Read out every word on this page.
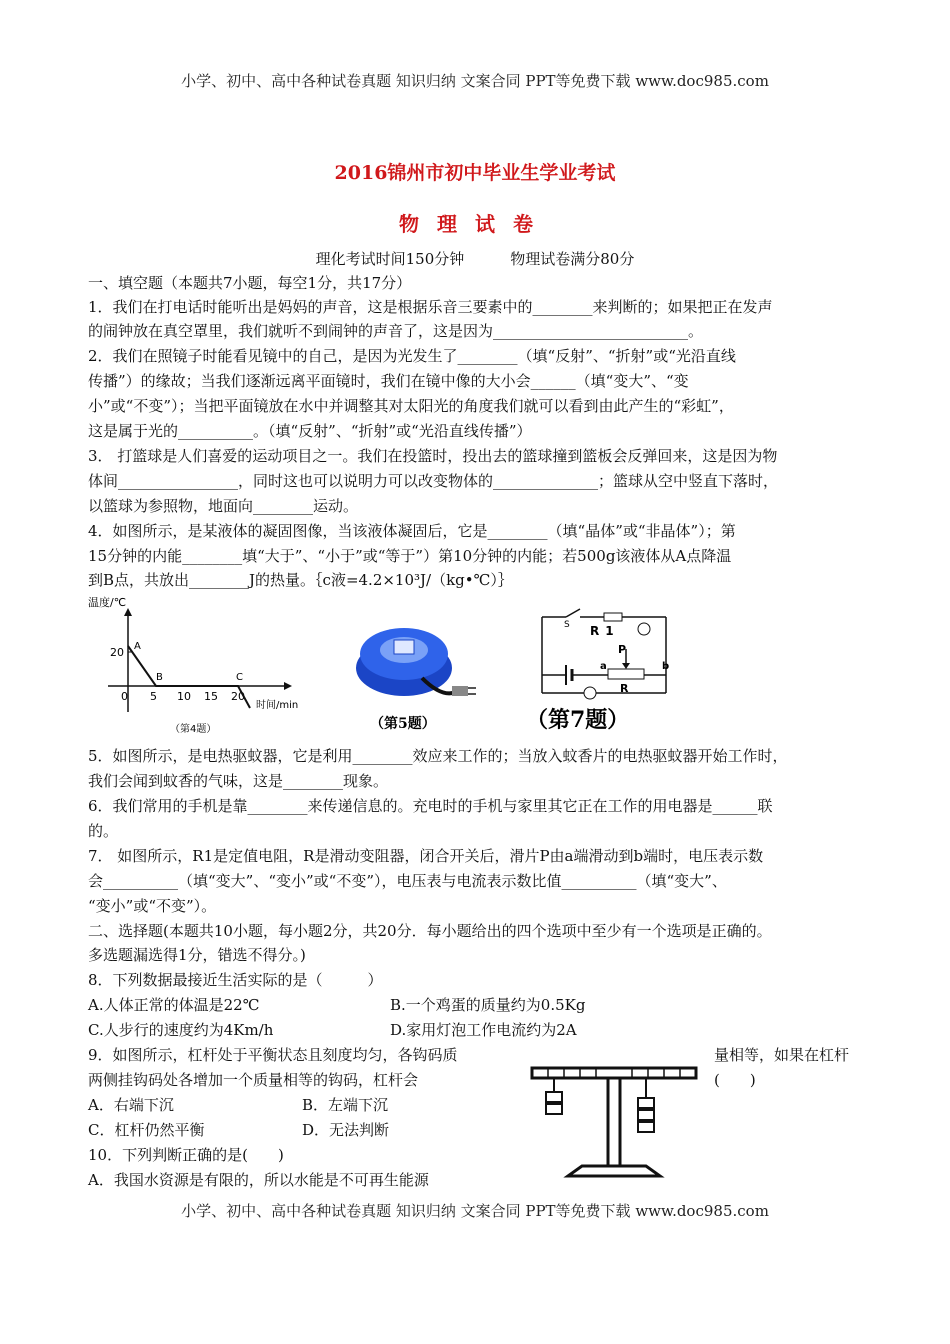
小学、初中、高中各种试卷真题 知识归纳 文案合同 PPT等免费下载 www.doc985.com
2016锦州市初中毕业生学业考试
物理试卷
理化考试时间150分钟	物理试卷满分80分
一、填空题（本题共7小题，每空1分，共17分）
1．我们在打电话时能听出是妈妈的声音，这是根据乐音三要素中的________来判断的；如果把正在发声
的闹钟放在真空罩里，我们就听不到闹钟的声音了，这是因为__________________________。
2．我们在照镜子时能看见镜中的自己，是因为光发生了________（填“反射”、“折射”或“光沿直线
传播”）的缘故；当我们逐渐远离平面镜时，我们在镜中像的大小会______（填“变大”、“变
小”或“不变”）；当把平面镜放在水中并调整其对太阳光的角度我们就可以看到由此产生的“彩虹”，
这是属于光的__________。（填“反射”、“折射”或“光沿直线传播”）
3． 打篮球是人们喜爱的运动项目之一。我们在投篮时，投出去的篮球撞到篮板会反弹回来，这是因为物
体间________________，同时这也可以说明力可以改变物体的______________；篮球从空中竖直下落时，
以篮球为参照物，地面向________运动。
4．如图所示，是某液体的凝固图像，当该液体凝固后，它是________（填“晶体”或“非晶体”）；第
15分钟的内能________填“大于”、“小于”或“等于”）第10分钟的内能；若500g该液体从A点降温
到B点，共放出________J的热量。｛c液=4.2×10³J/（kg•℃）｝
温度/℃
20
0 5 10 15 20
时间/min
A
B	C
（第4题）	（第5题）
S R 1
P
a
R
b
（第7题）
5．如图所示，是电热驱蚊器，它是利用________效应来工作的；当放入蚊香片的电热驱蚊器开始工作时，
我们会闻到蚊香的气味，这是________现象。
6．我们常用的手机是靠________来传递信息的。充电时的手机与家里其它正在工作的用电器是______联
的。
7． 如图所示，R1是定值电阻，R是滑动变阻器，闭合开关后，滑片P由a端滑动到b端时，电压表示数
会__________（填“变大”、“变小”或“不变”），电压表与电流表示数比值__________（填“变大”、
“变小”或“不变”）。
二、选择题(本题共10小题，每小题2分，共20分．每小题给出的四个选项中至少有一个选项是正确的。
多选题漏选得1分，错选不得分。)
8．下列数据最接近生活实际的是（　　　）
A.人体正常的体温是22℃	B.一个鸡蛋的质量约为0.5Kg
C.人步行的速度约为4Km/h	D.家用灯泡工作电流约为2A
9．如图所示，杠杆处于平衡状态且刻度均匀，各钩码质	量相等，如果在杠杆
两侧挂钩码处各增加一个质量相等的钩码，杠杆会	(　　)
A．右端下沉	B．左端下沉
C．杠杆仍然平衡	D．无法判断
10．下列判断正确的是(　　)
A．我国水资源是有限的，所以水能是不可再生能源
小学、初中、高中各种试卷真题 知识归纳 文案合同 PPT等免费下载 www.doc985.com
